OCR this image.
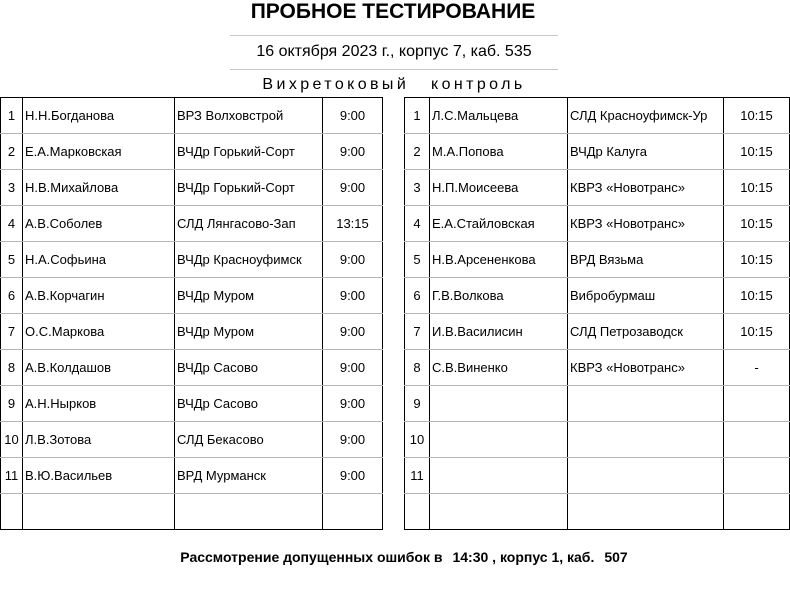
ПРОБНОЕ ТЕСТИРОВАНИЕ
16 октября 2023 г., корпус 7, каб. 535
Вихретоковый контроль
1	Н.Н.Богданова	ВРЗ Волховстрой	9:00
2	Е.А.Марковская	ВЧДр Горький-Сорт	9:00
3	Н.В.Михайлова	ВЧДр Горький-Сорт	9:00
4	А.В.Соболев	СЛД Лянгасово-Зап	13:15
5	Н.А.Софьина	ВЧДр Красноуфимск	9:00
6	А.В.Корчагин	ВЧДр Муром	9:00
7	О.С.Маркова	ВЧДр Муром	9:00
8	А.В.Колдашов	ВЧДр Сасово	9:00
9	А.Н.Нырков	ВЧДр Сасово	9:00
10	Л.В.Зотова	СЛД Бекасово	9:00
11	В.Ю.Васильев	ВРД Мурманск	9:00

1	Л.С.Мальцева	СЛД Красноуфимск-Ур	10:15
2	М.А.Попова	ВЧДр Калуга	10:15
3	Н.П.Моисеева	КВРЗ «Новотранс»	10:15
4	Е.А.Стайловская	КВРЗ «Новотранс»	10:15
5	Н.В.Арсененкова	ВРД Вязьма	10:15
6	Г.В.Волкова	Вибробурмаш	10:15
7	И.В.Василисин	СЛД Петрозаводск	10:15
8	С.В.Виненко	КВРЗ «Новотранс»	-
9			
10			
11			

Рассмотрение допущенных ошибок в 14:30 , корпус 1, каб. 507
